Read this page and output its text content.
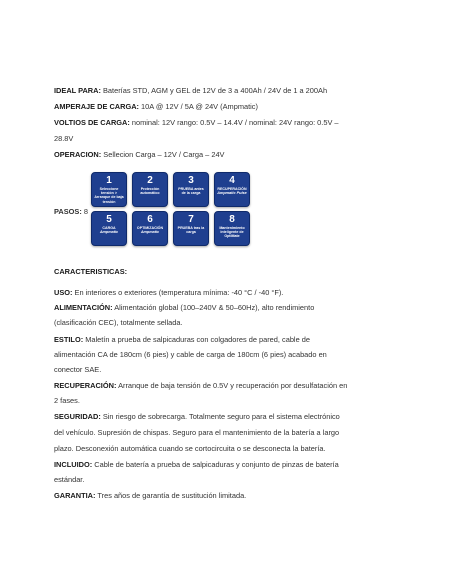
IDEAL PARA: Baterías STD, AGM y GEL de 12V de 3 a 400Ah / 24V de 1 a 200Ah
AMPERAJE DE CARGA: 10A @ 12V / 5A @ 24V (Ampmatic)
VOLTIOS DE CARGA: nominal: 12V rango: 0.5V – 14.4V / nominal: 24V rango: 0.5V –
28.8V
OPERACION: Sellecion Carga – 12V / Carga – 24V
PASOS: 8
1
Seleccione tensión > Arranque de baja tensión
2
Protección automático
3
PRUEBA antes de la carga
4
RECUPERACIÓN
Ampmatic Pulse
5
CARGA
Ampmatic
6
OPTIMIZACIÓN
Ampmatic
7
PRUEBA tras la carga
8
Mantenimiento inteligente de OptiMate
CARACTERISTICAS:
USO: En interiores o exteriores (temperatura mínima: -40 °C / -40 °F).
ALIMENTACIÓN: Alimentación global (100–240V & 50–60Hz), alto rendimiento
(clasificación CEC), totalmente sellada.
ESTILO: Maletín a prueba de salpicaduras con colgadores de pared, cable de
alimentación CA de 180cm (6 pies) y cable de carga de 180cm (6 pies) acabado en
conector SAE.
RECUPERACIÓN: Arranque de baja tensión de 0.5V y recuperación por desulfatación en
2 fases.
SEGURIDAD: Sin riesgo de sobrecarga. Totalmente seguro para el sistema electrónico
del vehículo. Supresión de chispas. Seguro para el mantenimiento de la batería a largo
plazo. Desconexión automática cuando se cortocircuita o se desconecta la batería.
INCLUIDO: Cable de batería a prueba de salpicaduras y conjunto de pinzas de batería
estándar.
GARANTIA: Tres años de garantía de sustitución limitada.
